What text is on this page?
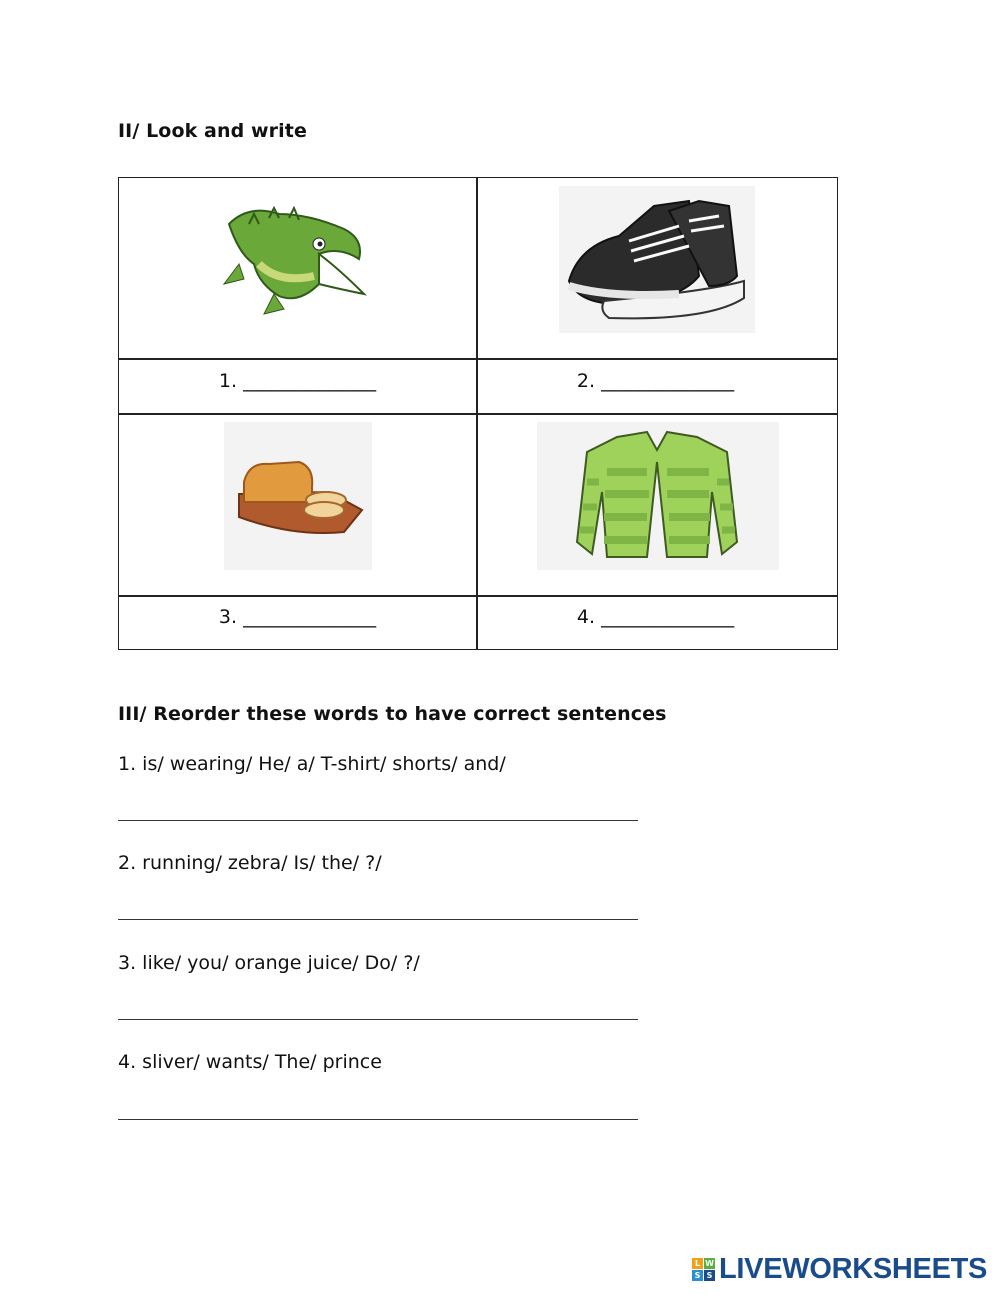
II/ Look and write
1. ______________	2. ______________
3. ______________	4. ______________
III/ Reorder these words to have correct sentences
1. is/ wearing/ He/ a/ T-shirt/ shorts/ and/
2. running/ zebra/ Is/ the/ ?/
3. like/ you/ orange juice/ Do/ ?/
4. sliver/ wants/ The/ prince
L W
S S LIVEWORKSHEETS
